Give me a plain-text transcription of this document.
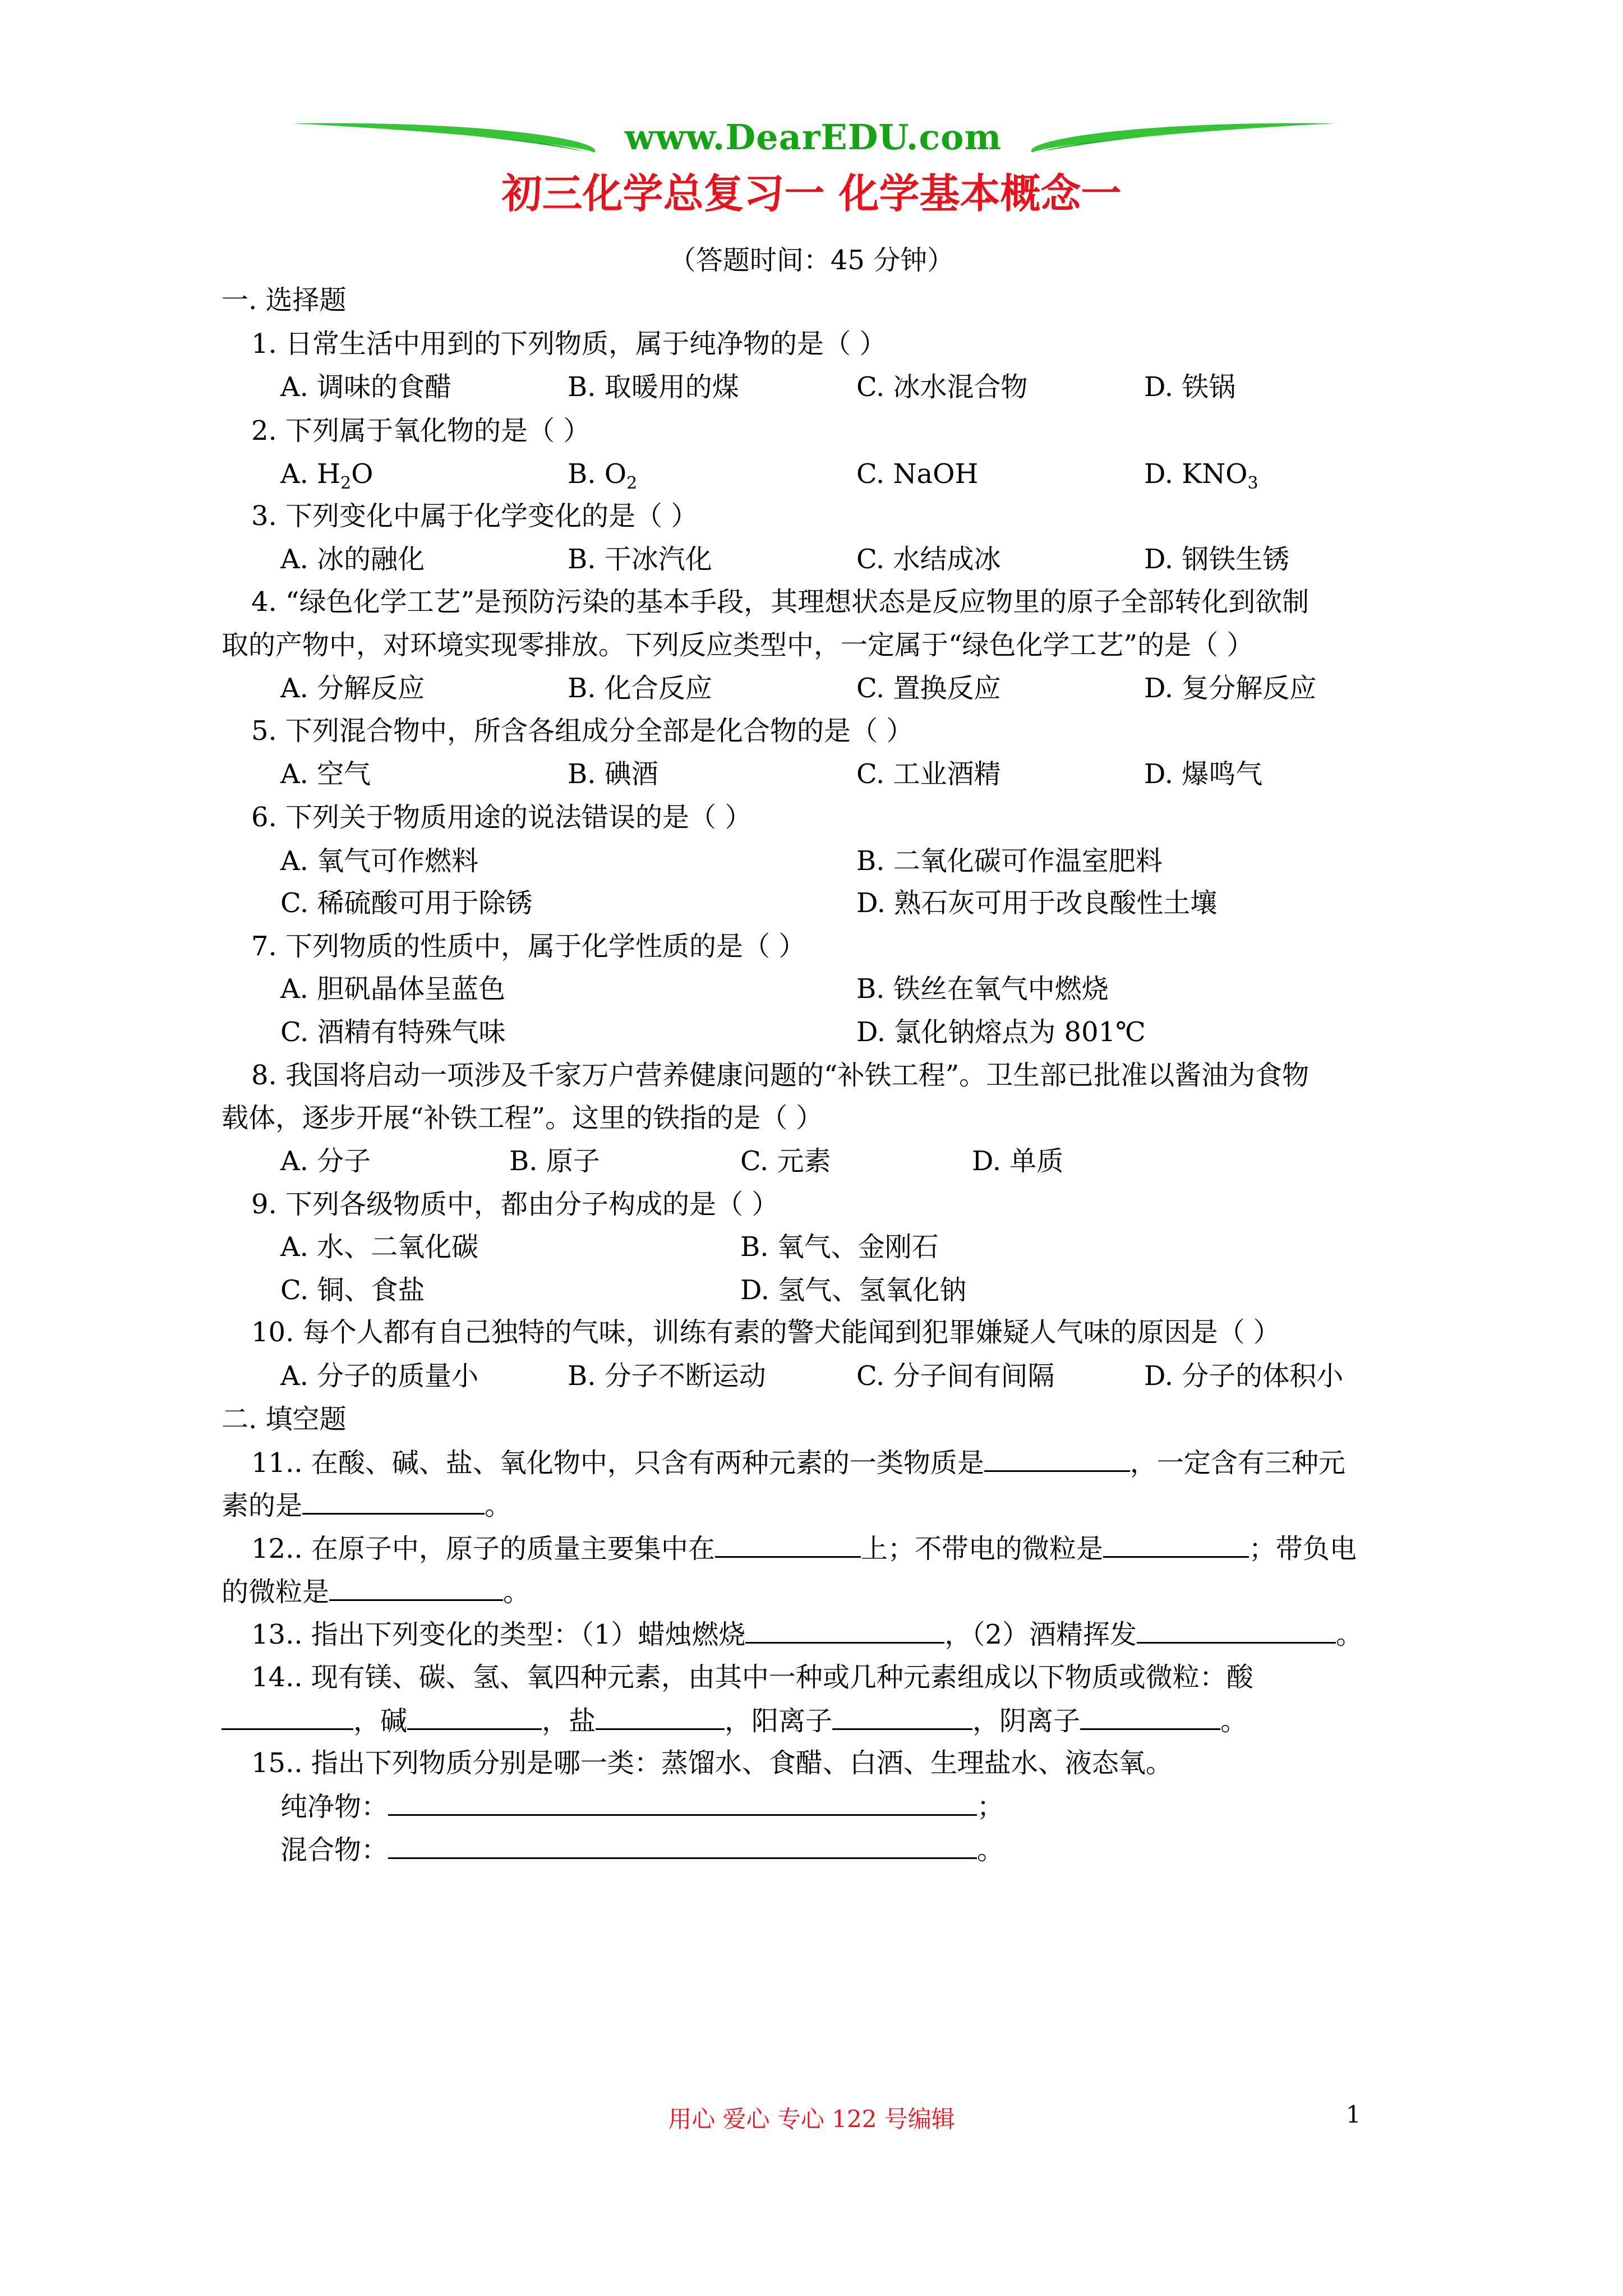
www.DearEDU.com
初三化学总复习一 化学基本概念一
（答题时间：45 分钟）
一. 选择题
1. 日常生活中用到的下列物质，属于纯净物的是（ ）
A. 调味的食醋	B. 取暖用的煤	C. 冰水混合物	D. 铁锅
2. 下列属于氧化物的是（ ）
A. $H_2O$	B. $O_2$	C. NaOH	D. $KNO_3$
3. 下列变化中属于化学变化的是（ ）
A. 冰的融化	B. 干冰汽化	C. 水结成冰	D. 钢铁生锈
4. “绿色化学工艺”是预防污染的基本手段，其理想状态是反应物里的原子全部转化到欲制
取的产物中，对环境实现零排放。下列反应类型中，一定属于“绿色化学工艺”的是（ ）
A. 分解反应	B. 化合反应	C. 置换反应	D. 复分解反应
5. 下列混合物中，所含各组成分全部是化合物的是（ ）
A. 空气	B. 碘酒	C. 工业酒精	D. 爆鸣气
6. 下列关于物质用途的说法错误的是（ ）
A. 氧气可作燃料	B. 二氧化碳可作温室肥料
C. 稀硫酸可用于除锈	D. 熟石灰可用于改良酸性土壤
7. 下列物质的性质中，属于化学性质的是（ ）
A. 胆矾晶体呈蓝色	B. 铁丝在氧气中燃烧
C. 酒精有特殊气味	D. 氯化钠熔点为 801℃
8. 我国将启动一项涉及千家万户营养健康问题的“补铁工程”。卫生部已批准以酱油为食物
载体，逐步开展“补铁工程”。这里的铁指的是（ ）
A. 分子	B. 原子	C. 元素	D. 单质
9. 下列各级物质中，都由分子构成的是（ ）
A. 水、二氧化碳	B. 氧气、金刚石
C. 铜、食盐	D. 氢气、氢氧化钠
10. 每个人都有自己独特的气味，训练有素的警犬能闻到犯罪嫌疑人气味的原因是（ ）
A. 分子的质量小	B. 分子不断运动	C. 分子间有间隔	D. 分子的体积小
二. 填空题
11.. 在酸、碱、盐、氧化物中，只含有两种元素的一类物质是	，一定含有三种元
素的是	。
12.. 在原子中，原子的质量主要集中在	上；不带电的微粒是	；带负电
的微粒是	。
13.. 指出下列变化的类型：（1）蜡烛燃烧	，（2）酒精挥发	。
14.. 现有镁、碳、氢、氧四种元素，由其中一种或几种元素组成以下物质或微粒：酸
，碱	，盐	，阳离子	，阴离子	。
15.. 指出下列物质分别是哪一类：蒸馏水、食醋、白酒、生理盐水、液态氧。
纯净物：	；
混合物：	。
用心 爱心 专心 122 号编辑	1
